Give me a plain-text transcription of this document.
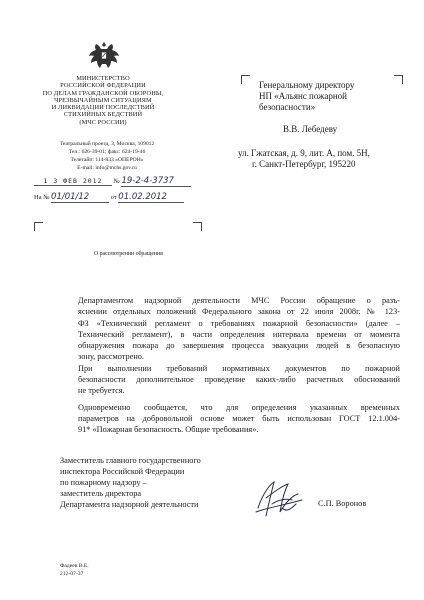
МИНИСТЕРСТВО
РОССИЙСКОЙ ФЕДЕРАЦИИ
ПО ДЕЛАМ ГРАЖДАНСКОЙ ОБОРОНЫ,
ЧРЕЗВЫЧАЙНЫМ СИТУАЦИЯМ
И ЛИКВИДАЦИИ ПОСЛЕДСТВИЙ
СТИХИЙНЫХ БЕДСТВИЙ
(МЧС РОССИИ)
Театральный проезд, 3, Москва, 109012
Тел.: 626-39-01; факс: 624-19-46
Телетайп: 114-833 «ОПЕРОН»
E-mail: info@mchs.gov.ru
1 3 ФЕВ 2012 № 19-2-4-3737
На № 01/01/12	от 01.02.2012
Генеральному директору
НП «Альянс пожарной
безопасности»
В.В. Лебедеву
ул. Гжатская, д. 9, лит. А, пом. 5Н,
г. Санкт-Петербург, 195220
О рассмотрении обращения

Департаментом надзорной деятельности МЧС России обращение о разъ-
яснении отдельных положений Федерального закона от 22 июля 2008г. № 123-
ФЗ «Технический регламент о требованиях пожарной безопасности» (далее –
Технический регламент), в части определения интервала времени от момента
обнаружения пожара до завершения процесса эвакуации людей в безопасную
зону, рассмотрено.

При выполнении требований нормативных документов по пожарной
безопасности дополнительное проведение каких-либо расчетных обоснований
не требуется.

Одновременно сообщается, что для определения указанных временных
параметров на добровольной основе может быть использован ГОСТ 12.1.004-
91* «Пожарная безопасность. Общие требования».

Заместитель главного государственного
инспектора Российской Федерации
по пожарному надзору –
заместитель директора
Департамента надзорной деятельности	С.П. Воронов
Фадеев В.Е.
212-07-37
